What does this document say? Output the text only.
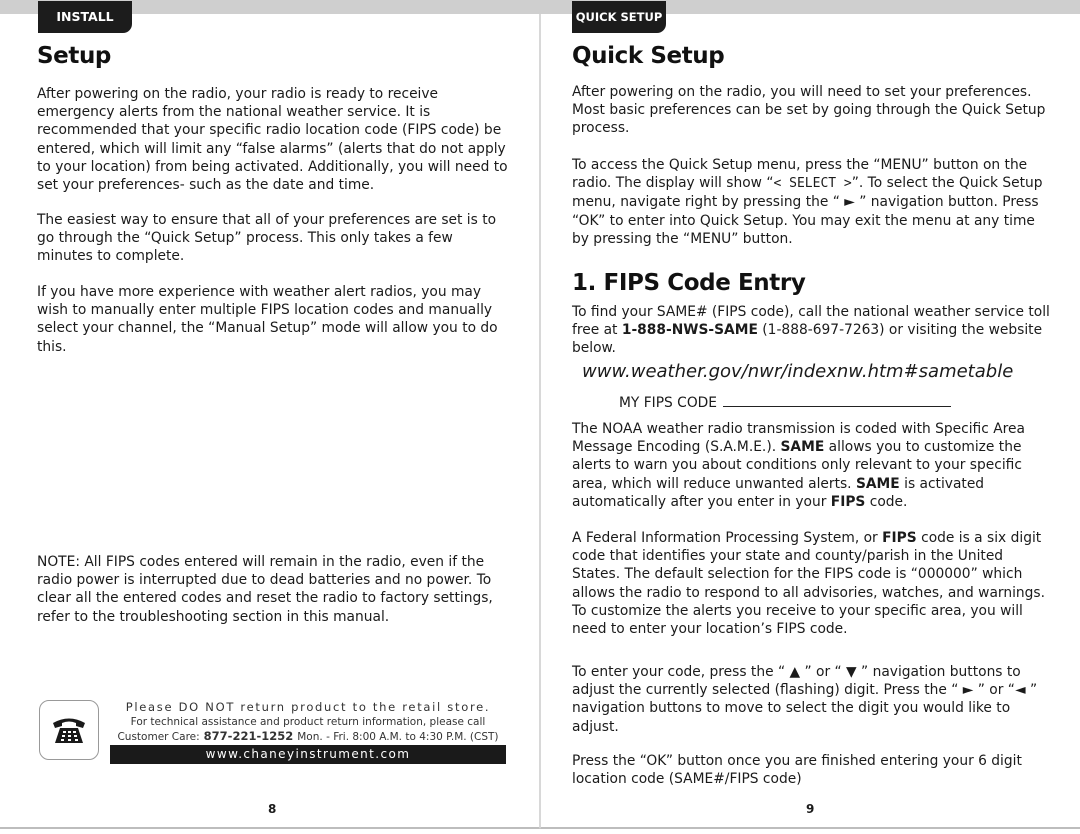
INSTALL
Setup

After powering on the radio, your radio is ready to receive emergency alerts from the national weather service. It is recommended that your specific radio location code (FIPS code) be entered, which will limit any “false alarms” (alerts that do not apply to your location) from being activated. Additionally, you will need to set your preferences- such as the date and time.

The easiest way to ensure that all of your preferences are set is to go through the “Quick Setup” process. This only takes a few minutes to complete.

If you have more experience with weather alert radios, you may wish to manually enter multiple FIPS location codes and manually select your channel, the “Manual Setup” mode will allow you to do this.

NOTE: All FIPS codes entered will remain in the radio, even if the radio power is interrupted due to dead batteries and no power. To clear all the entered codes and reset the radio to factory settings, refer to the troubleshooting section in this manual.

Please DO NOT return product to the retail store.

For technical assistance and product return information, please call

Customer Care: 877-221-1252 Mon. - Fri. 8:00 A.M. to 4:30 P.M. (CST)

www.chaneyinstrument.com
8
QUICK SETUP
Quick Setup

After powering on the radio, you will need to set your preferences. Most basic preferences can be set by going through the Quick Setup process.

To access the Quick Setup menu, press the “MENU” button on the radio. The display will show “< SELECT >”. To select the Quick Setup menu, navigate right by pressing the “ ► ” navigation button. Press “OK” to enter into Quick Setup. You may exit the menu at any time by pressing the “MENU” button.

1. FIPS Code Entry

To find your SAME# (FIPS code), call the national weather service toll free at 1-888-NWS-SAME (1-888-697-7263) or visiting the website below.

www.weather.gov/nwr/indexnw.htm#sametable

MY FIPS CODE

The NOAA weather radio transmission is coded with Specific Area Message Encoding (S.A.M.E.). SAME allows you to customize the alerts to warn you about conditions only relevant to your specific area, which will reduce unwanted alerts. SAME is activated automatically after you enter in your FIPS code.

A Federal Information Processing System, or FIPS code is a six digit code that identifies your state and county/parish in the United States. The default selection for the FIPS code is “000000” which allows the radio to respond to all advisories, watches, and warnings. To customize the alerts you receive to your specific area, you will need to enter your location’s FIPS code.

To enter your code, press the “ ▲ ” or “ ▼ ” navigation buttons to adjust the currently selected (flashing) digit. Press the “ ► ” or “◄ ” navigation buttons to move to select the digit you would like to adjust.

Press the “OK” button once you are finished entering your 6 digit location code (SAME#/FIPS code)

9
